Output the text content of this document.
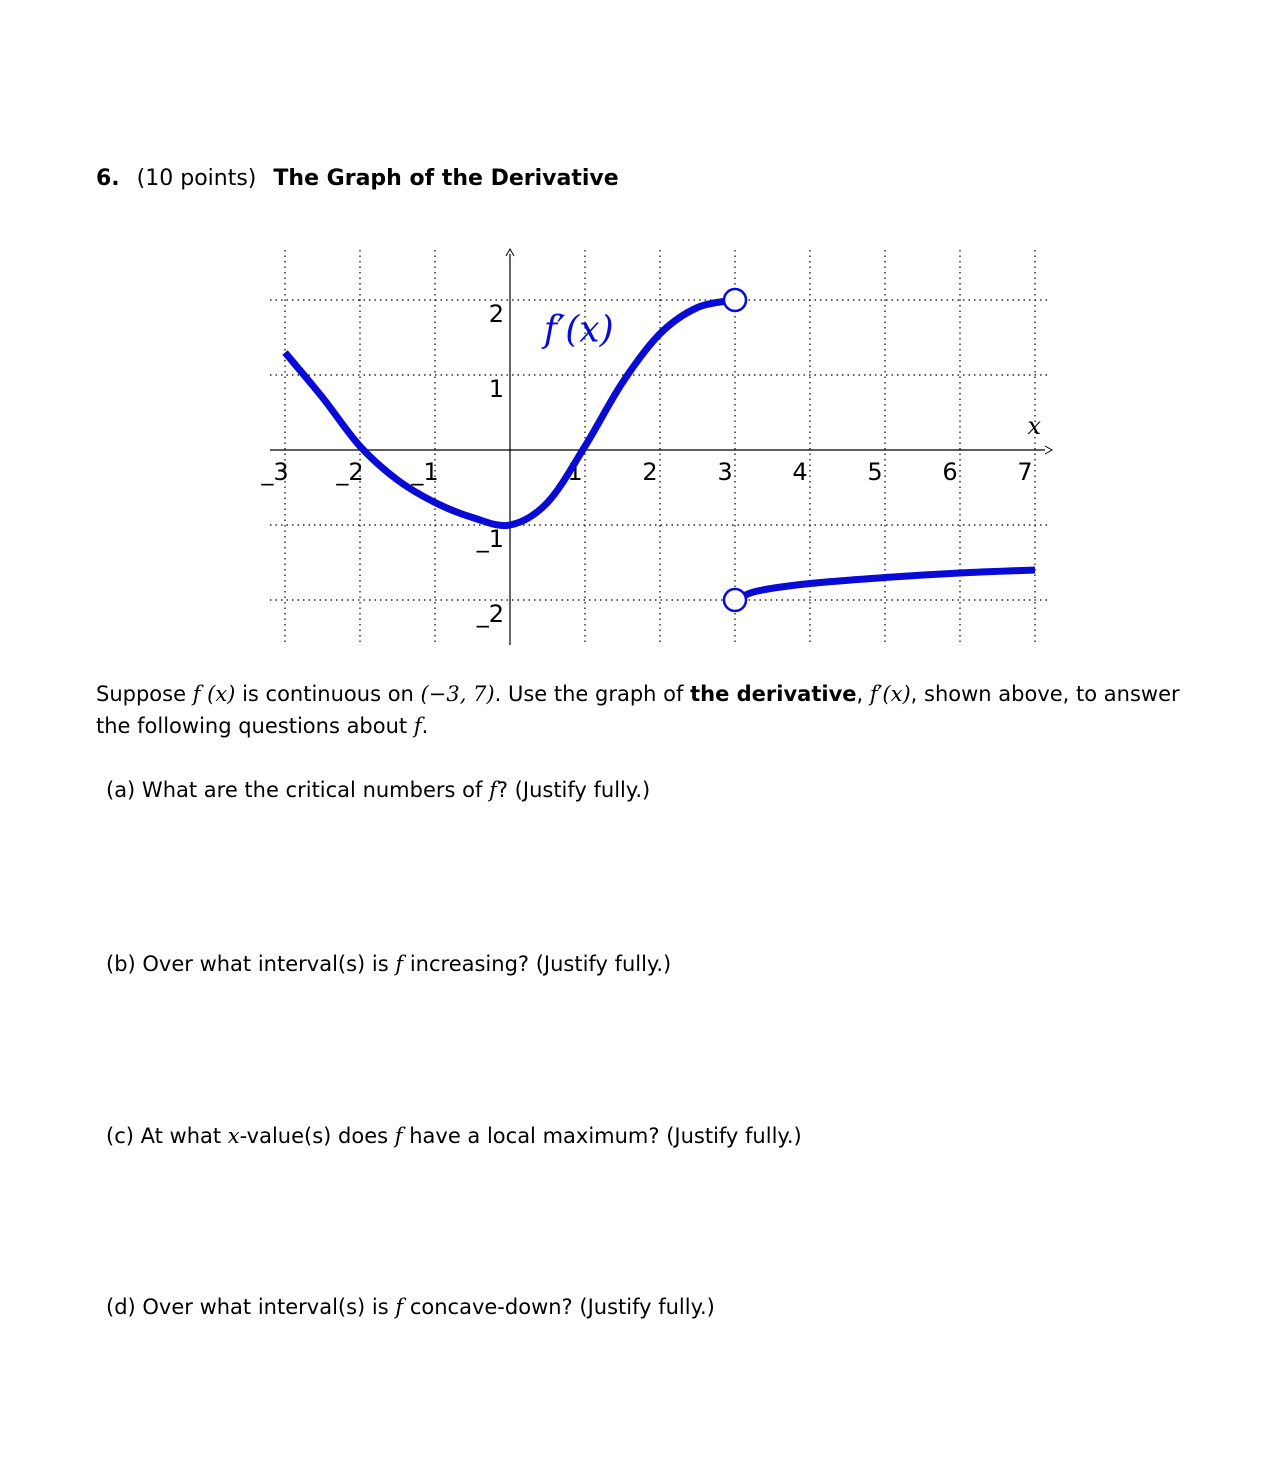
6. (10 points) The Graph of the Derivative
_3 _2 _1	1 2 3 4 5 6 7
2
1
_1
_2
f′(x)
x
Suppose f (x) is continuous on (−3, 7). Use the graph of the derivative, f′(x), shown above, to answer the following questions about f.
(a) What are the critical numbers of f? (Justify fully.)
(b) Over what interval(s) is f increasing? (Justify fully.)
(c) At what x-value(s) does f have a local maximum? (Justify fully.)
(d) Over what interval(s) is f concave-down? (Justify fully.)
